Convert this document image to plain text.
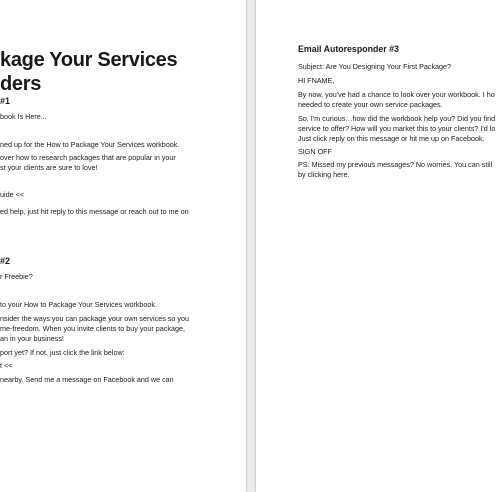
kage Your Services
ders
#1
book Is Here...
ned up for the How to Package Your Services workbook.
over how to research packages that are popular in your
st your clients are sure to love!
uide <<
ed help, just hit reply to this message or reach out to me on
#2
r Freebie?
to your How to Package Your Services workbook.
nsider the ways you can package your own services so you
me-freedom. When you invite clients to buy your package,
an in your business!
port yet? If not, just click the link below:
t <<
nearby. Send me a message on Facebook and we can
Email Autoresponder #3
Subject: Are You Designing Your First Package?
HI FNAME,
By now, you've had a chance to look over your workbook. I ho
needed to create your own service packages.
So, I'm curious…how did the workbook help you? Did you find
service to offer? How will you market this to your clients? I'd lo
Just click reply on this message or hit me up on Facebook.
SIGN OFF
PS: Missed my previous messages? No worries. You can still
by clicking here.
